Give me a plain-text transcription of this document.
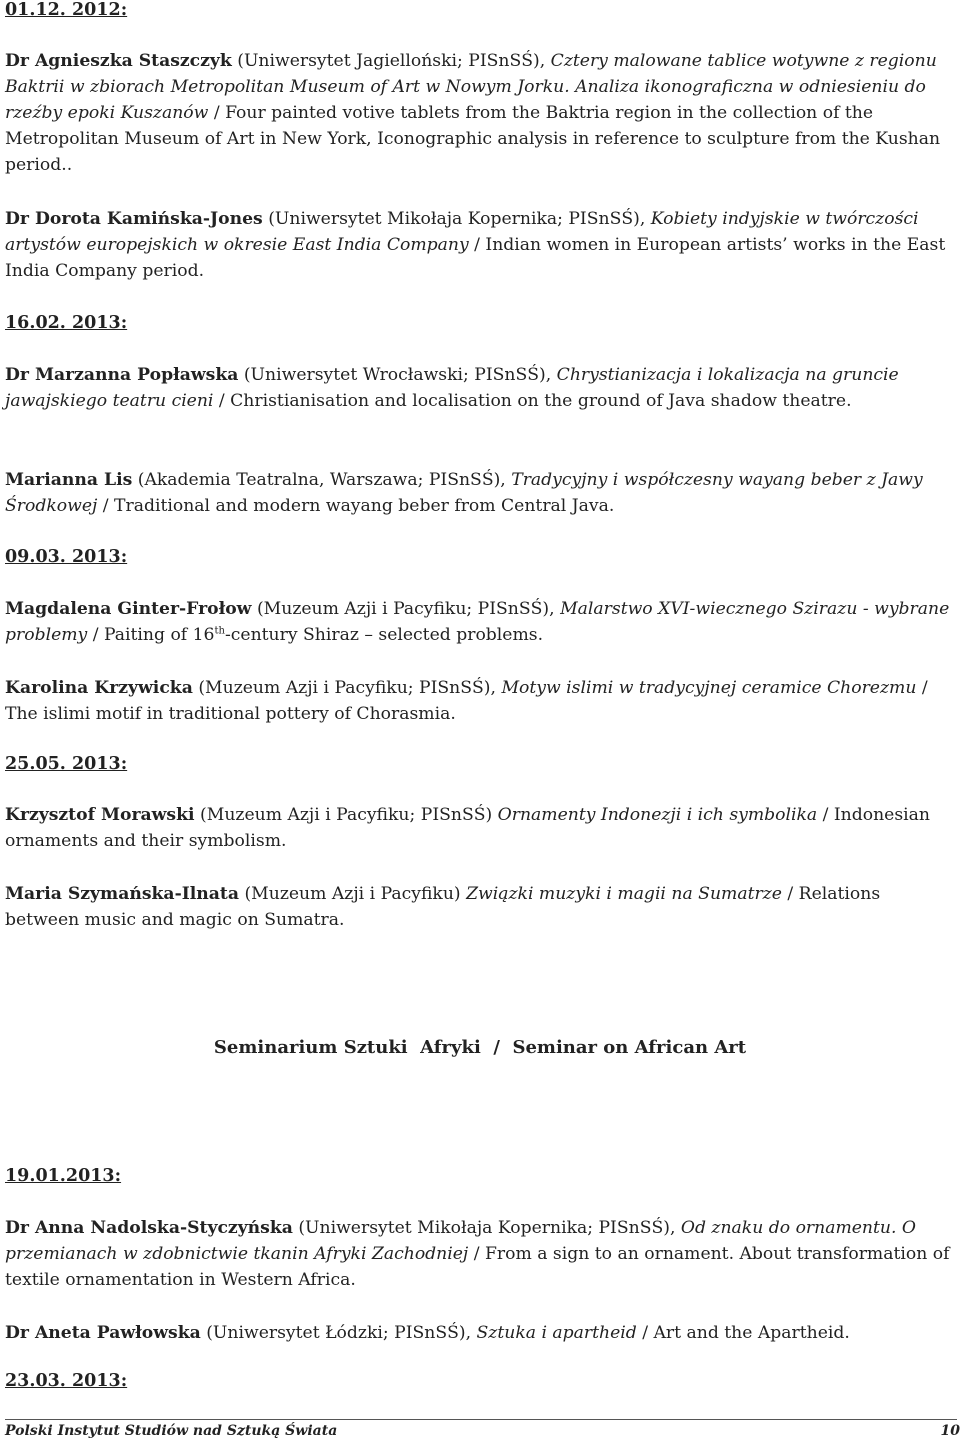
01.12. 2012:
Dr Agnieszka Staszczyk (Uniwersytet Jagielloński; PISnSŚ), Cztery malowane tablice wotywne z regionu Baktrii w zbiorach Metropolitan Museum of Art w Nowym Jorku. Analiza ikonograficzna w odniesieniu do rzeźby epoki Kuszanów / Four painted votive tablets from the Baktria region in the collection of the Metropolitan Museum of Art in New York, Iconographic analysis in reference to sculpture from the Kushan period..
Dr Dorota Kamińska-Jones (Uniwersytet Mikołaja Kopernika; PISnSŚ), Kobiety indyjskie w twórczości artystów europejskich w okresie East India Company / Indian women in European artists’ works in the East India Company period.
16.02. 2013:
Dr Marzanna Popławska (Uniwersytet Wrocławski; PISnSŚ), Chrystianizacja i lokalizacja na gruncie jawajskiego teatru cieni / Christianisation and localisation on the ground of Java shadow theatre.
Marianna Lis (Akademia Teatralna, Warszawa; PISnSŚ), Tradycyjny i współczesny wayang beber z Jawy Środkowej / Traditional and modern wayang beber from Central Java.
09.03. 2013:
Magdalena Ginter-Frołow (Muzeum Azji i Pacyfiku; PISnSŚ), Malarstwo XVI-wiecznego Szirazu - wybrane problemy / Paiting of 16th-century Shiraz – selected problems.
Karolina Krzywicka (Muzeum Azji i Pacyfiku; PISnSŚ), Motyw islimi w tradycyjnej ceramice Chorezmu / The islimi motif in traditional pottery of Chorasmia.
25.05. 2013:
Krzysztof Morawski (Muzeum Azji i Pacyfiku; PISnSŚ) Ornamenty Indonezji i ich symbolika / Indonesian ornaments and their symbolism.
Maria Szymańska-Ilnata (Muzeum Azji i Pacyfiku) Związki muzyki i magii na Sumatrze / Relations between music and magic on Sumatra.
Seminarium Sztuki  Afryki  /  Seminar on African Art
19.01.2013:
Dr Anna Nadolska-Styczyńska (Uniwersytet Mikołaja Kopernika; PISnSŚ), Od znaku do ornamentu. O przemianach w zdobnictwie tkanin Afryki Zachodniej / From a sign to an ornament. About transformation of textile ornamentation in Western Africa.
Dr Aneta Pawłowska (Uniwersytet Łódzki; PISnSŚ), Sztuka i apartheid / Art and the Apartheid.
23.03. 2013:
Polski Instytut Studiów nad Sztuką Świata	10
